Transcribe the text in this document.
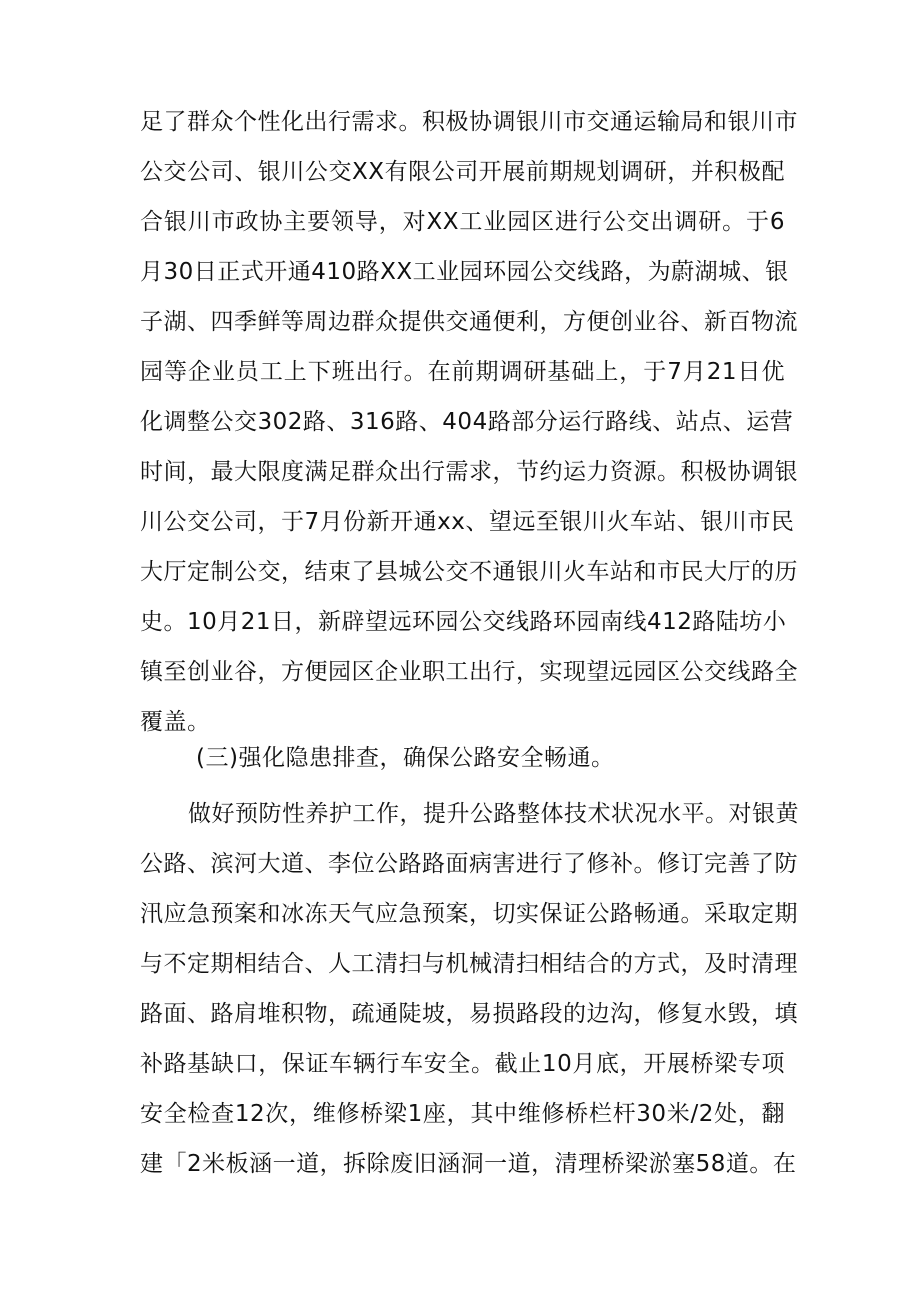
足了群众个性化出行需求。积极协调银川市交通运输局和银川市
公交公司、银川公交XX有限公司开展前期规划调研，并积极配
合银川市政协主要领导，对XX工业园区进行公交出调研。于6
月30日正式开通410路XX工业园环园公交线路，为蔚湖城、银
子湖、四季鲜等周边群众提供交通便利，方便创业谷、新百物流
园等企业员工上下班出行。在前期调研基础上，于7月21日优
化调整公交302路、316路、404路部分运行路线、站点、运营
时间，最大限度满足群众出行需求，节约运力资源。积极协调银
川公交公司，于7月份新开通xx、望远至银川火车站、银川市民
大厅定制公交，结束了县城公交不通银川火车站和市民大厅的历
史。10月21日，新辟望远环园公交线路环园南线412路陆坊小
镇至创业谷，方便园区企业职工出行，实现望远园区公交线路全
覆盖。
(三)强化隐患排查，确保公路安全畅通。
做好预防性养护工作，提升公路整体技术状况水平。对银黄
公路、滨河大道、李位公路路面病害进行了修补。修订完善了防
汛应急预案和冰冻天气应急预案，切实保证公路畅通。采取定期
与不定期相结合、人工清扫与机械清扫相结合的方式，及时清理
路面、路肩堆积物，疏通陡坡，易损路段的边沟，修复水毁，填
补路基缺口，保证车辆行车安全。截止10月底，开展桥梁专项
安全检查12次，维修桥梁1座，其中维修桥栏杆30米/2处，翻
建「2米板涵一道，拆除废旧涵洞一道，清理桥梁淤塞58道。在
